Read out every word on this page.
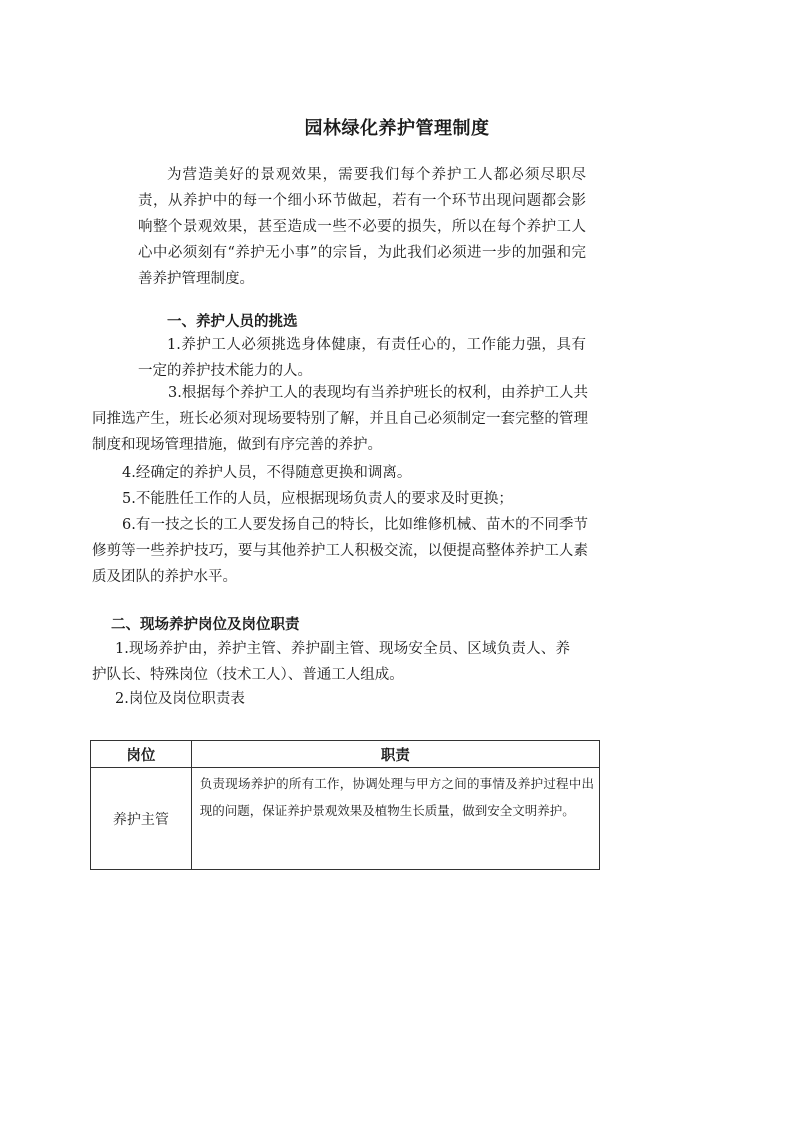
园林绿化养护管理制度

为营造美好的景观效果，需要我们每个养护工人都必须尽职尽责，从养护中的每一个细小环节做起，若有一个环节出现问题都会影响整个景观效果，甚至造成一些不必要的损失，所以在每个养护工人心中必须刻有“养护无小事”的宗旨，为此我们必须进一步的加强和完善养护管理制度。

一、养护人员的挑选

1.养护工人必须挑选身体健康，有责任心的，工作能力强，具有一定的养护技术能力的人。

3.根据每个养护工人的表现均有当养护班长的权利，由养护工人共同推选产生，班长必须对现场要特别了解，并且自己必须制定一套完整的管理制度和现场管理措施，做到有序完善的养护。

4.经确定的养护人员，不得随意更换和调离。

5.不能胜任工作的人员，应根据现场负责人的要求及时更换；

6.有一技之长的工人要发扬自己的特长，比如维修机械、苗木的不同季节修剪等一些养护技巧，要与其他养护工人积极交流，以便提高整体养护工人素质及团队的养护水平。

二、现场养护岗位及岗位职责

1.现场养护由，养护主管、养护副主管、现场安全员、区域负责人、养护队长、特殊岗位（技术工人）、普通工人组成。

2.岗位及岗位职责表

岗位	职责
养护主管	负责现场养护的所有工作，协调处理与甲方之间的事情及养护过程中出现的问题，保证养护景观效果及植物生长质量，做到安全文明养护。
